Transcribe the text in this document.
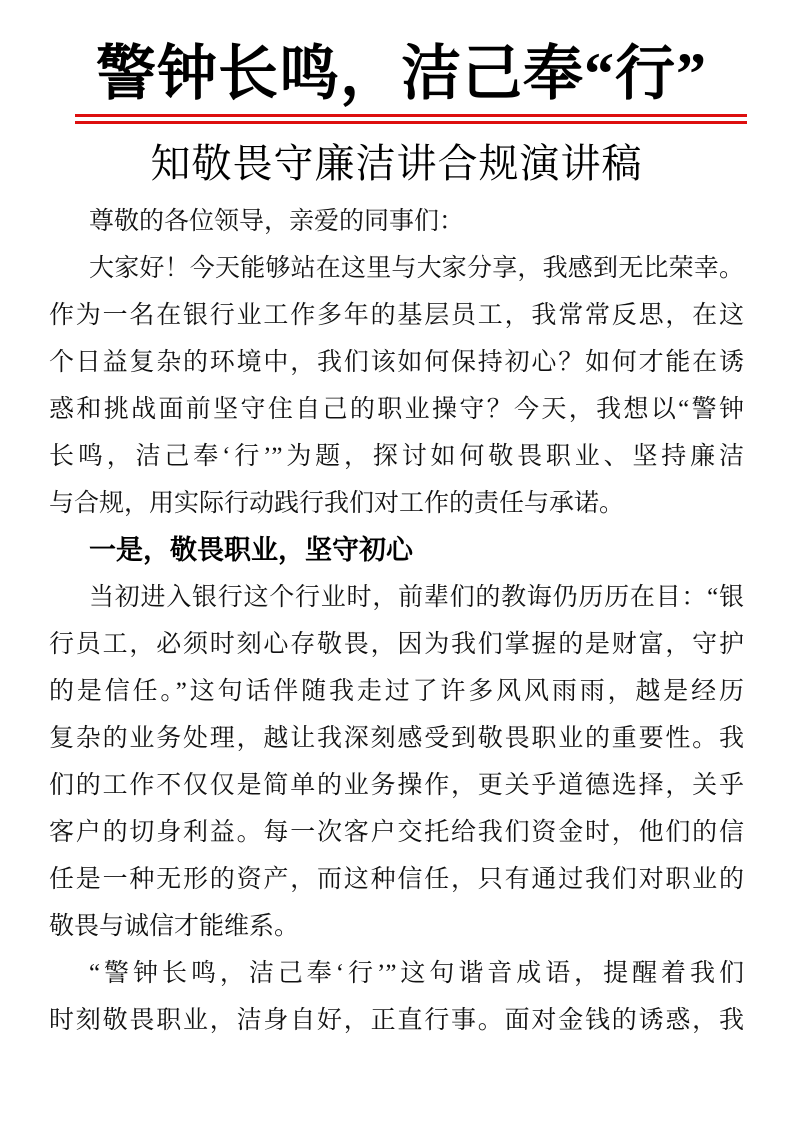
警钟长鸣，洁己奉“行”
知敬畏守廉洁讲合规演讲稿
尊敬的各位领导，亲爱的同事们：
大家好！今天能够站在这里与大家分享，我感到无比荣幸。
作为一名在银行业工作多年的基层员工，我常常反思，在这
个日益复杂的环境中，我们该如何保持初心？如何才能在诱
惑和挑战面前坚守住自己的职业操守？今天，我想以“警钟
长鸣，洁己奉‘行’”为题，探讨如何敬畏职业、坚持廉洁
与合规，用实际行动践行我们对工作的责任与承诺。
一是，敬畏职业，坚守初心
当初进入银行这个行业时，前辈们的教诲仍历历在目：“银
行员工，必须时刻心存敬畏，因为我们掌握的是财富，守护
的是信任。”这句话伴随我走过了许多风风雨雨，越是经历
复杂的业务处理，越让我深刻感受到敬畏职业的重要性。我
们的工作不仅仅是简单的业务操作，更关乎道德选择，关乎
客户的切身利益。每一次客户交托给我们资金时，他们的信
任是一种无形的资产，而这种信任，只有通过我们对职业的
敬畏与诚信才能维系。
“警钟长鸣，洁己奉‘行’”这句谐音成语，提醒着我们
时刻敬畏职业，洁身自好，正直行事。面对金钱的诱惑，我
